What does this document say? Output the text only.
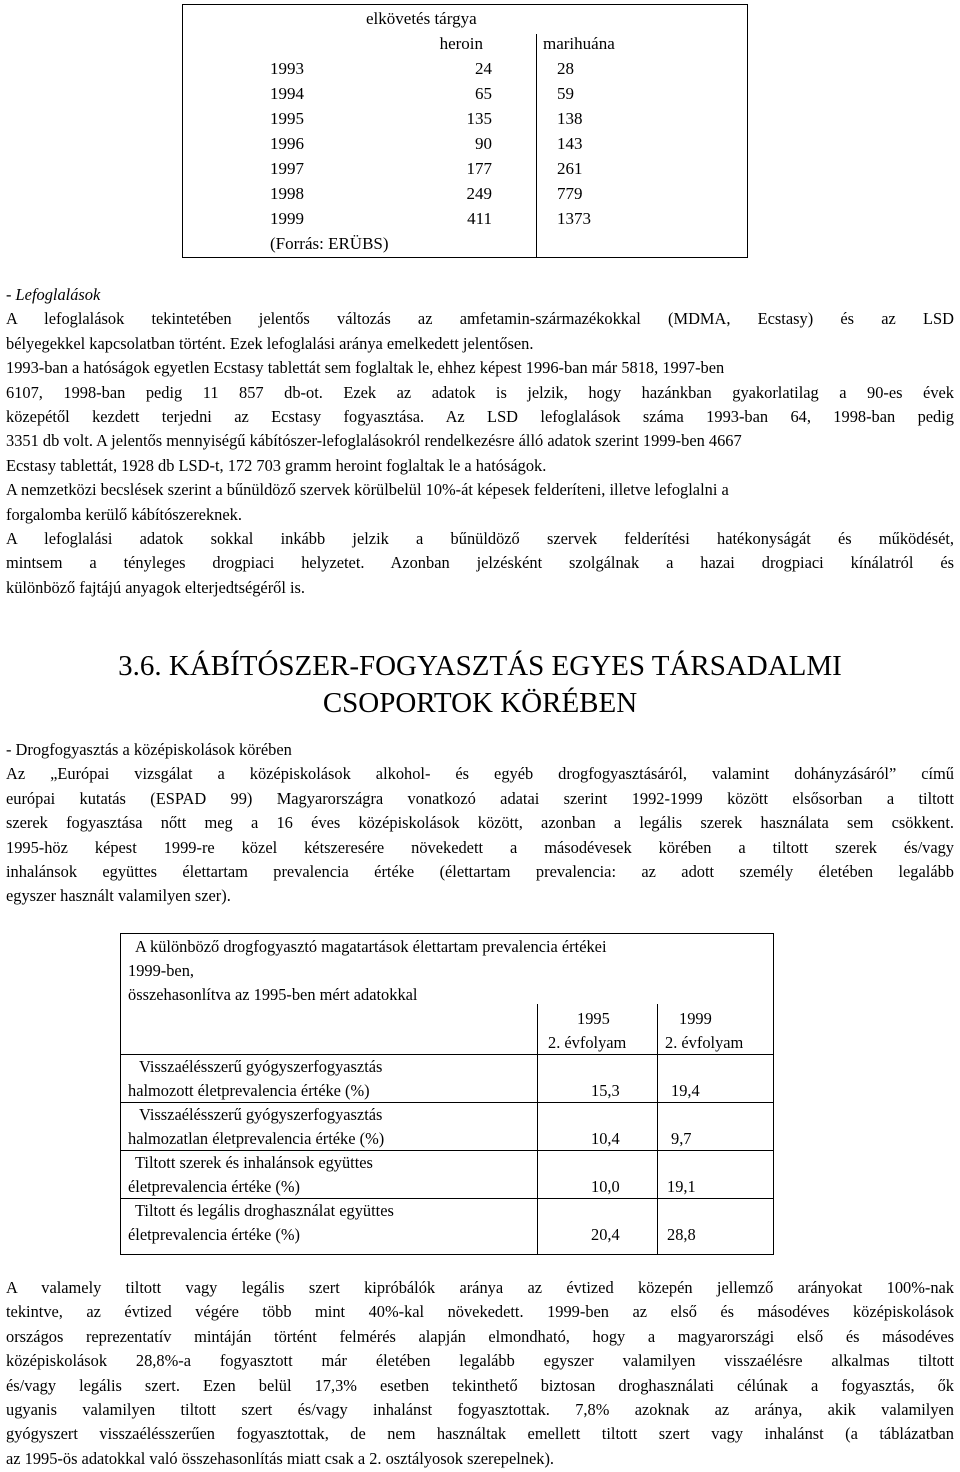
elkövetés tárgya
heroin	marihuána
1993	24	28
1994	65	59
1995	135	138
1996	90	143
1997	177	261
1998	249	779
1999	411	1373
(Forrás: ERÜBS)
- Lefoglalások
A lefoglalások tekintetében jelentős változás az amfetamin-származékokkal (MDMA, Ecstasy) és az LSD
bélyegekkel kapcsolatban történt. Ezek lefoglalási aránya emelkedett jelentősen.
1993-ban a hatóságok egyetlen Ecstasy tablettát sem foglaltak le, ehhez képest 1996-ban már 5818, 1997-ben
6107, 1998-ban pedig 11 857 db-ot. Ezek az adatok is jelzik, hogy hazánkban gyakorlatilag a 90-es évek
közepétől kezdett terjedni az Ecstasy fogyasztása. Az LSD lefoglalások száma 1993-ban 64, 1998-ban pedig
3351 db volt. A jelentős mennyiségű kábítószer-lefoglalásokról rendelkezésre álló adatok szerint 1999-ben 4667
Ecstasy tablettát, 1928 db LSD-t, 172 703 gramm heroint foglaltak le a hatóságok.
A nemzetközi becslések szerint a bűnüldöző szervek körülbelül 10%-át képesek felderíteni, illetve lefoglalni a
forgalomba kerülő kábítószereknek.
A lefoglalási adatok sokkal inkább jelzik a bűnüldöző szervek felderítési hatékonyságát és működését,
mintsem a tényleges drogpiaci helyzetet. Azonban jelzésként szolgálnak a hazai drogpiaci kínálatról és
különböző fajtájú anyagok elterjedtségéről is.
3.6. KÁBÍTÓSZER-FOGYASZTÁS EGYES TÁRSADALMI
CSOPORTOK KÖRÉBEN
- Drogfogyasztás a középiskolások körében
Az „Európai vizsgálat a középiskolások alkohol- és egyéb drogfogyasztásáról, valamint dohányzásáról” című
európai kutatás (ESPAD 99) Magyarországra vonatkozó adatai szerint 1992-1999 között elsősorban a tiltott
szerek fogyasztása nőtt meg a 16 éves középiskolások között, azonban a legális szerek használata sem csökkent.
1995-höz képest 1999-re közel kétszeresére növekedett a másodévesek körében a tiltott szerek és/vagy
inhalánsok együttes élettartam prevalencia értéke (élettartam prevalencia: az adott személy életében legalább
egyszer használt valamilyen szer).
A különböző drogfogyasztó magatartások élettartam prevalencia értékei
1999-ben,
összehasonlítva az 1995-ben mért adatokkal
1995
2. évfolyam
1999
2. évfolyam
Visszaélésszerű gyógyszerfogyasztás
halmozott életprevalencia értéke (%)	15,3	19,4
Visszaélésszerű gyógyszerfogyasztás
halmozatlan életprevalencia értéke (%)	10,4	9,7
Tiltott szerek és inhalánsok együttes
életprevalencia értéke (%)	10,0	19,1
Tiltott és legális droghasználat együttes
életprevalencia értéke (%)	20,4	28,8
A valamely tiltott vagy legális szert kipróbálók aránya az évtized közepén jellemző arányokat 100%-nak
tekintve, az évtized végére több mint 40%-kal növekedett. 1999-ben az első és másodéves középiskolások
országos reprezentatív mintáján történt felmérés alapján elmondható, hogy a magyarországi első és másodéves
középiskolások 28,8%-a fogyasztott már életében legalább egyszer valamilyen visszaélésre alkalmas tiltott
és/vagy legális szert. Ezen belül 17,3% esetben tekinthető biztosan droghasználati célúnak a fogyasztás, ők
ugyanis valamilyen tiltott szert és/vagy inhalánst fogyasztottak. 7,8% azoknak az aránya, akik valamilyen
gyógyszert visszaélésszerűen fogyasztottak, de nem használtak emellett tiltott szert vagy inhalánst (a táblázatban
az 1995-ös adatokkal való összehasonlítás miatt csak a 2. osztályosok szerepelnek).
